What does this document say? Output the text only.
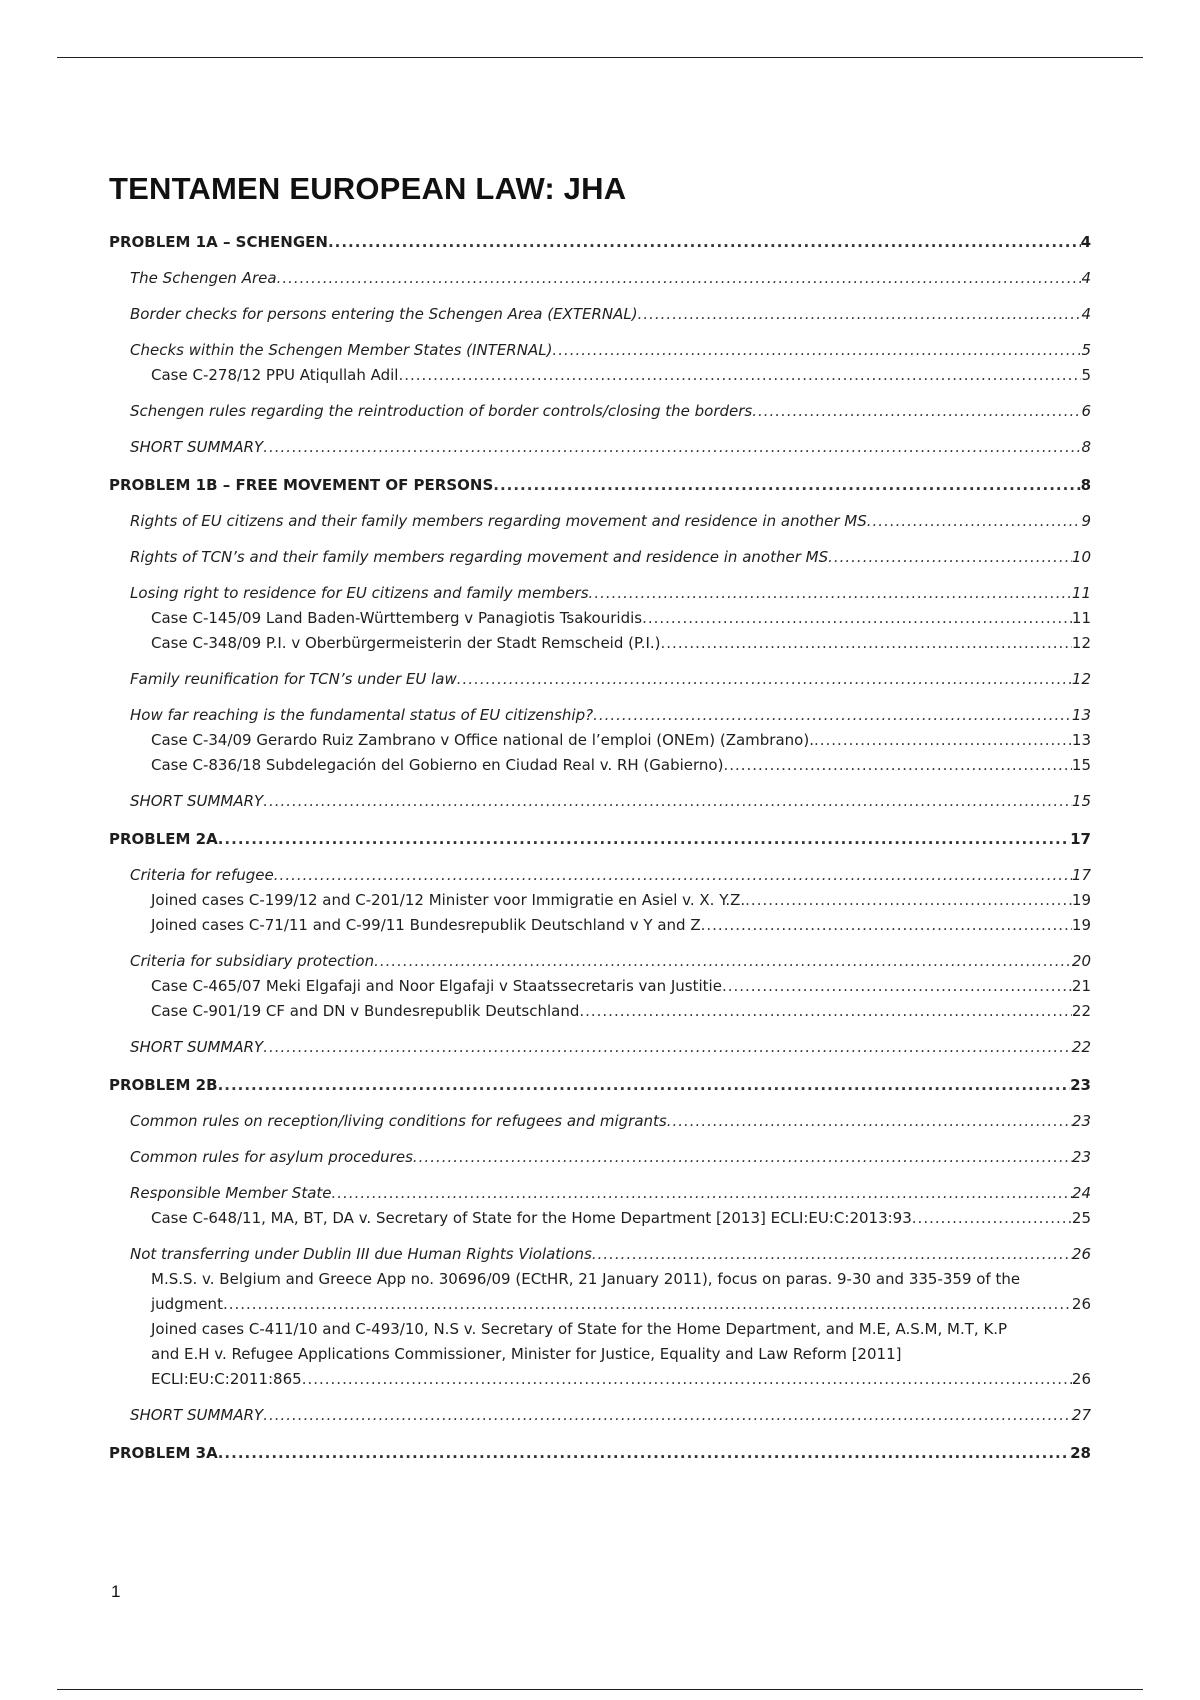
TENTAMEN EUROPEAN LAW: JHA
PROBLEM 1A – SCHENGEN .....	4
The Schengen Area .....	4
Border checks for persons entering the Schengen Area (EXTERNAL) .....	4
Checks within the Schengen Member States (INTERNAL) .....	5
Case C-278/12 PPU Atiqullah Adil .....	5
Schengen rules regarding the reintroduction of border controls/closing the borders .....	6
SHORT SUMMARY .....	8
PROBLEM 1B – FREE MOVEMENT OF PERSONS .....	8
Rights of EU citizens and their family members regarding movement and residence in another MS .....	9
Rights of TCN’s and their family members regarding movement and residence in another MS .....	10
Losing right to residence for EU citizens and family members .....	11
Case C-145/09 Land Baden-Württemberg v Panagiotis Tsakouridis .....	11
Case C-348/09 P.I. v Oberbürgermeisterin der Stadt Remscheid (P.I.) .....	12
Family reunification for TCN’s under EU law .....	12
How far reaching is the fundamental status of EU citizenship? .....	13
Case C-34/09 Gerardo Ruiz Zambrano v Office national de l’emploi (ONEm) (Zambrano). .....	13
Case C-836/18 Subdelegación del Gobierno en Ciudad Real v. RH (Gabierno) .....	15
SHORT SUMMARY .....	15
PROBLEM 2A .....	17
Criteria for refugee .....	17
Joined cases C-199/12 and C-201/12 Minister voor Immigratie en Asiel v. X. Y.Z. .....	19
Joined cases C-71/11 and C-99/11 Bundesrepublik Deutschland v Y and Z .....	19
Criteria for subsidiary protection .....	20
Case C-465/07 Meki Elgafaji and Noor Elgafaji v Staatssecretaris van Justitie .....	21
Case C-901/19 CF and DN v Bundesrepublik Deutschland .....	22
SHORT SUMMARY .....	22
PROBLEM 2B .....	23
Common rules on reception/living conditions for refugees and migrants .....	23
Common rules for asylum procedures .....	23
Responsible Member State .....	24
Case C-648/11, MA, BT, DA v. Secretary of State for the Home Department [2013] ECLI:EU:C:2013:93 .....	25
Not transferring under Dublin III due Human Rights Violations .....	26
M.S.S. v. Belgium and Greece App no. 30696/09 (ECtHR, 21 January 2011), focus on paras. 9-30 and 335-359 of the
judgment .....	26
Joined cases C-411/10 and C-493/10, N.S v. Secretary of State for the Home Department, and M.E, A.S.M, M.T, K.P
and E.H v. Refugee Applications Commissioner, Minister for Justice, Equality and Law Reform [2011]
ECLI:EU:C:2011:865 .....	26
SHORT SUMMARY .....	27
PROBLEM 3A .....	28
1
